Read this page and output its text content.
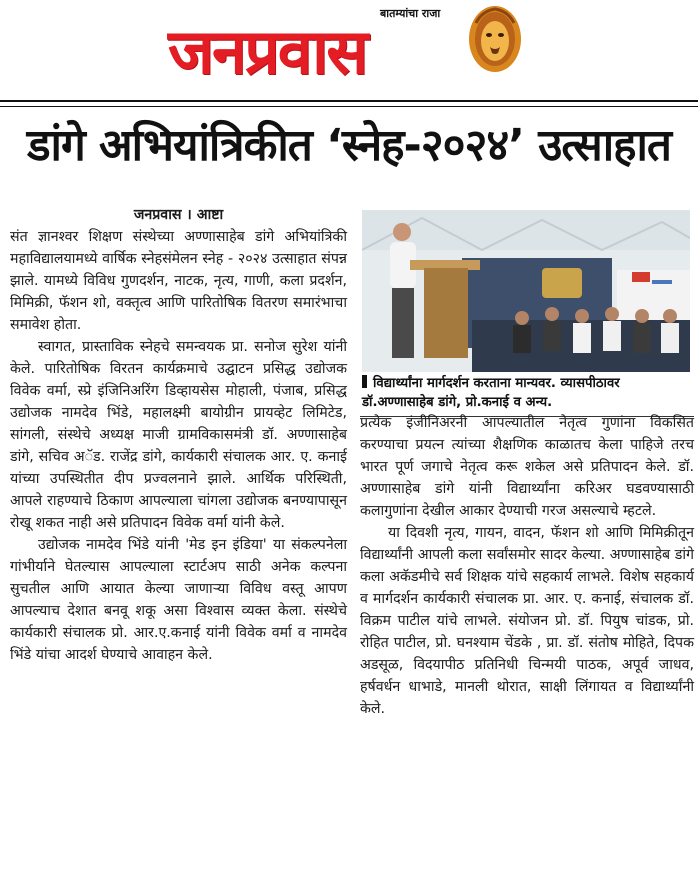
बातम्यांचा राजा
जनप्रवास
डांगे अभियांत्रिकीत ‘स्नेह-२०२४’ उत्साहात

जनप्रवास । आष्टा

संत ज्ञानश्वर शिक्षण संस्थेच्या अण्णासाहेब डांगे अभियांत्रिकी महाविद्यालयामध्ये वार्षिक स्नेहसंमेलन स्नेह - २०२४ उत्साहात संपन्न झाले. यामध्ये विविध गुणदर्शन, नाटक, नृत्य, गाणी, कला प्रदर्शन, मिमिक्री, फॅशन शो, वक्तृत्व आणि पारितोषिक वितरण समारंभाचा समावेश होता.

स्वागत, प्रास्ताविक स्नेहचे समन्वयक प्रा. सनोज सुरेश यांनी केले. पारितोषिक विरतन कार्यक्रमाचे उद्घाटन प्रसिद्ध उद्योजक विवेक वर्मा, स्प्रे इंजिनिअरिंग डिव्हायसेस मोहाली, पंजाब, प्रसिद्ध उद्योजक नामदेव भिंडे, महालक्ष्मी बायोग्रीन प्रायव्हेट लिमिटेड, सांगली, संस्थेचे अध्यक्ष माजी ग्रामविकासमंत्री डॉ. अण्णासाहेब डांगे, सचिव अॅड. राजेंद्र डांगे, कार्यकारी संचालक आर. ए. कनाई यांच्या उपस्थितीत दीप प्रज्वलनाने झाले. आर्थिक परिस्थिती, आपले राहण्याचे ठिकाण आपल्याला चांगला उद्योजक बनण्यापासून रोखू शकत नाही असे प्रतिपादन विवेक वर्मा यांनी केले.

उद्योजक नामदेव भिंडे यांनी 'मेड इन इंडिया' या संकल्पनेला गांभीर्याने घेतल्यास आपल्याला स्टार्टअप साठी अनेक कल्पना सुचतील आणि आयात केल्या जाणाऱ्या विविध वस्तू आपण आपल्याच देशात बनवू शकू असा विश्वास व्यक्त केला. संस्थेचे कार्यकारी संचालक प्रो. आर.ए.कनाई यांनी विवेक वर्मा व नामदेव भिंडे यांचा आदर्श घेण्याचे आवाहन केले.

विद्यार्थ्यांना मार्गदर्शन करताना मान्यवर. व्यासपीठावर डॉ.अण्णासाहेब डांगे, प्रो.कनाई व अन्य.

प्रत्येक इंजीनिअरनी आपल्यातील नेतृत्व गुणांना विकसित करण्याचा प्रयत्न त्यांच्या शैक्षणिक काळातच केला पाहिजे तरच भारत पूर्ण जगाचे नेतृत्व करू शकेल असे प्रतिपादन केले. डॉ. अण्णासाहेब डांगे यांनी विद्यार्थ्यांना करिअर घडवण्यासाठी कलागुणांना देखील आकार देण्याची गरज असल्याचे म्हटले.

या दिवशी नृत्य, गायन, वादन, फॅशन शो आणि मिमिक्रीतून विद्यार्थ्यांनी आपली कला सर्वांसमोर सादर केल्या. अण्णासाहेब डांगे कला अकॅडमीचे सर्व शिक्षक यांचे सहकार्य लाभले. विशेष सहकार्य व मार्गदर्शन कार्यकारी संचालक प्रा. आर. ए. कनाई, संचालक डॉ. विक्रम पाटील यांचे लाभले. संयोजन प्रो. डॉ. पियुष चांडक, प्रो. रोहित पाटील, प्रो. घनश्याम चेंडके , प्रा. डॉ. संतोष मोहिते, दिपक अडसूळ, विदयापीठ प्रतिनिधी चिन्मयी पाठक, अपूर्व जाधव, हर्षवर्धन धाभाडे, मानली थोरात, साक्षी लिंगायत व विद्यार्थ्यांनी केले.
